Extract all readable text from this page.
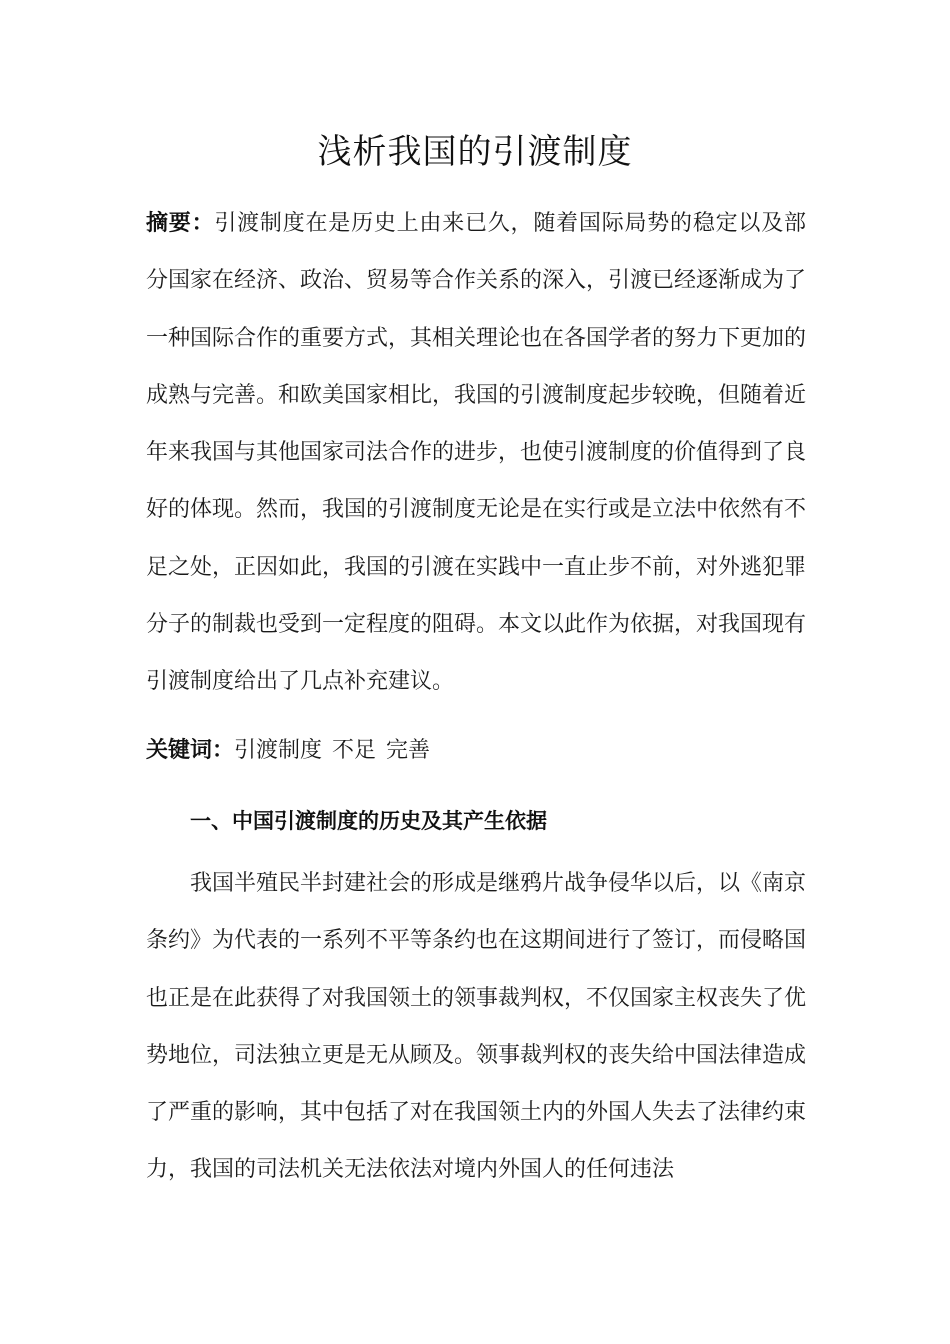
浅析我国的引渡制度

摘要：引渡制度在是历史上由来已久，随着国际局势的稳定以及部分国家在经济、政治、贸易等合作关系的深入，引渡已经逐渐成为了一种国际合作的重要方式，其相关理论也在各国学者的努力下更加的成熟与完善。和欧美国家相比，我国的引渡制度起步较晚，但随着近年来我国与其他国家司法合作的进步，也使引渡制度的价值得到了良好的体现。然而，我国的引渡制度无论是在实行或是立法中依然有不足之处，正因如此，我国的引渡在实践中一直止步不前，对外逃犯罪分子的制裁也受到一定程度的阻碍。本文以此作为依据，对我国现有引渡制度给出了几点补充建议。

关键词：引渡制度 不足 完善

一、中国引渡制度的历史及其产生依据

我国半殖民半封建社会的形成是继鸦片战争侵华以后，以《南京条约》为代表的一系列不平等条约也在这期间进行了签订，而侵略国也正是在此获得了对我国领土的领事裁判权，不仅国家主权丧失了优势地位，司法独立更是无从顾及。领事裁判权的丧失给中国法律造成了严重的影响，其中包括了对在我国领土内的外国人失去了法律约束力，我国的司法机关无法依法对境内外国人的任何违法
